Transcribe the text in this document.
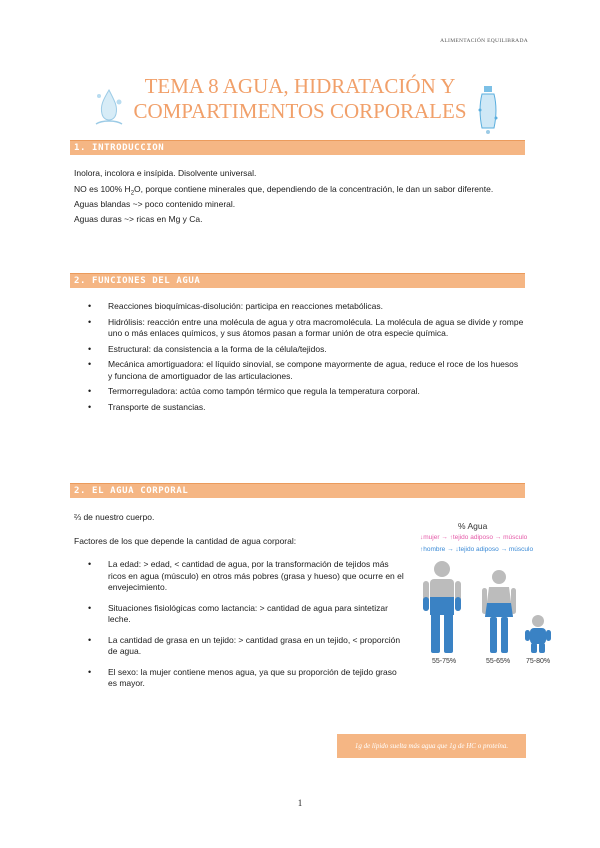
ALIMENTACIÓN EQUILIBRADA
TEMA 8 AGUA, HIDRATACIÓN Y
COMPARTIMENTOS CORPORALES
1. INTRODUCCION

Inolora, incolora e insípida. Disolvente universal.

NO es 100% $H_2O$, porque contiene minerales que, dependiendo de la concentración, le dan un sabor diferente.

Aguas blandas ~> poco contenido mineral.

Aguas duras ~> ricas en Mg y Ca.

2. FUNCIONES DEL AGUA
• Reacciones bioquímicas-disolución: participa en reacciones metabólicas.
• Hidrólisis: reacción entre una molécula de agua y otra macromolécula. La molécula de agua se divide y rompe uno o más enlaces químicos, y sus átomos pasan a formar unión de otra especie química.
• Estructural: da consistencia a la forma de la célula/tejidos.
• Mecánica amortiguadora: el líquido sinovial, se compone mayormente de agua, reduce el roce de los huesos y funciona de amortiguador de las articulaciones.
• Termorreguladora: actúa como tampón térmico que regula la temperatura corporal.
• Transporte de sustancias.
2. EL AGUA CORPORAL

⅔ de nuestro cuerpo.

Factores de los que depende la cantidad de agua corporal:

• La edad: > edad, < cantidad de agua, por la transformación de tejidos más ricos en agua (músculo) en otros más pobres (grasa y hueso) que ocurre en el envejecimiento.
• Situaciones fisiológicas como lactancia: > cantidad de agua para sintetizar leche.
• La cantidad de grasa en un tejido: > cantidad grasa en un tejido, < proporción de agua.
• El sexo: la mujer contiene menos agua, ya que su proporción de tejido graso es mayor.
% Agua
↓mujer → ↑tejido adiposo → músculo
↑hombre → ↓tejido adiposo → músculo
55-75%	55-65% 75-80%
1g de lípido suelta más agua que 1g de HC o proteína.
1
